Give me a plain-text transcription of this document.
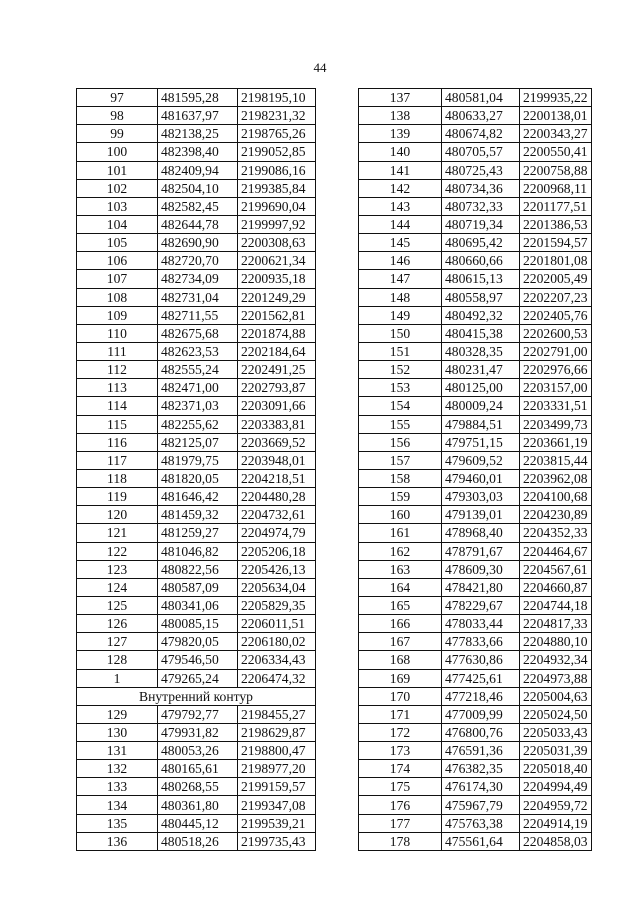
44
97	481595,28	2198195,10
98	481637,97	2198231,32
99	482138,25	2198765,26
100	482398,40	2199052,85
101	482409,94	2199086,16
102	482504,10	2199385,84
103	482582,45	2199690,04
104	482644,78	2199997,92
105	482690,90	2200308,63
106	482720,70	2200621,34
107	482734,09	2200935,18
108	482731,04	2201249,29
109	482711,55	2201562,81
110	482675,68	2201874,88
111	482623,53	2202184,64
112	482555,24	2202491,25
113	482471,00	2202793,87
114	482371,03	2203091,66
115	482255,62	2203383,81
116	482125,07	2203669,52
117	481979,75	2203948,01
118	481820,05	2204218,51
119	481646,42	2204480,28
120	481459,32	2204732,61
121	481259,27	2204974,79
122	481046,82	2205206,18
123	480822,56	2205426,13
124	480587,09	2205634,04
125	480341,06	2205829,35
126	480085,15	2206011,51
127	479820,05	2206180,02
128	479546,50	2206334,43
1	479265,24	2206474,32
Внутренний контур		
129	479792,77	2198455,27
130	479931,82	2198629,87
131	480053,26	2198800,47
132	480165,61	2198977,20
133	480268,55	2199159,57
134	480361,80	2199347,08
135	480445,12	2199539,21
136	480518,26	2199735,43
137	480581,04	2199935,22
138	480633,27	2200138,01
139	480674,82	2200343,27
140	480705,57	2200550,41
141	480725,43	2200758,88
142	480734,36	2200968,11
143	480732,33	2201177,51
144	480719,34	2201386,53
145	480695,42	2201594,57
146	480660,66	2201801,08
147	480615,13	2202005,49
148	480558,97	2202207,23
149	480492,32	2202405,76
150	480415,38	2202600,53
151	480328,35	2202791,00
152	480231,47	2202976,66
153	480125,00	2203157,00
154	480009,24	2203331,51
155	479884,51	2203499,73
156	479751,15	2203661,19
157	479609,52	2203815,44
158	479460,01	2203962,08
159	479303,03	2204100,68
160	479139,01	2204230,89
161	478968,40	2204352,33
162	478791,67	2204464,67
163	478609,30	2204567,61
164	478421,80	2204660,87
165	478229,67	2204744,18
166	478033,44	2204817,33
167	477833,66	2204880,10
168	477630,86	2204932,34
169	477425,61	2204973,88
170	477218,46	2205004,63
171	477009,99	2205024,50
172	476800,76	2205033,43
173	476591,36	2205031,39
174	476382,35	2205018,40
175	476174,30	2204994,49
176	475967,79	2204959,72
177	475763,38	2204914,19
178	475561,64	2204858,03
